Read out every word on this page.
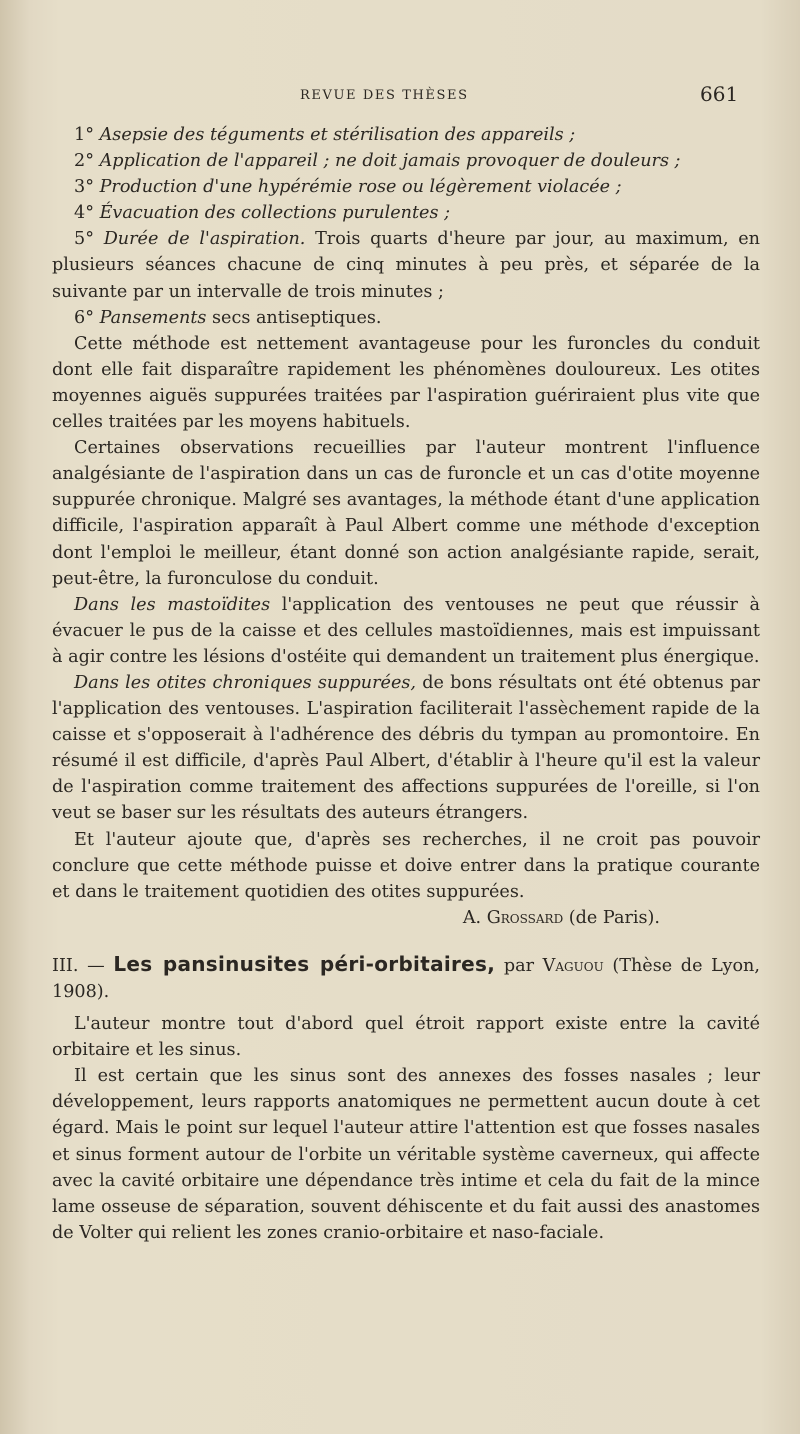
REVUE DES THÈSES	661

1° Asepsie des téguments et stérilisation des appareils ;

2° Application de l'appareil ; ne doit jamais provoquer de douleurs ;

3° Production d'une hypérémie rose ou légèrement violacée ;

4° Évacuation des collections purulentes ;

5° Durée de l'aspiration. Trois quarts d'heure par jour, au maximum, en plusieurs séances chacune de cinq minutes à peu près, et séparée de la suivante par un intervalle de trois minutes ;

6° Pansements secs antiseptiques.

Cette méthode est nettement avantageuse pour les furoncles du conduit dont elle fait disparaître rapidement les phénomènes douloureux. Les otites moyennes aiguës suppurées traitées par l'aspiration guériraient plus vite que celles traitées par les moyens habituels.

Certaines observations recueillies par l'auteur montrent l'influence analgésiante de l'aspiration dans un cas de furoncle et un cas d'otite moyenne suppurée chronique. Malgré ses avantages, la méthode étant d'une application difficile, l'aspiration apparaît à Paul Albert comme une méthode d'exception dont l'emploi le meilleur, étant donné son action analgésiante rapide, serait, peut-être, la furonculose du conduit.

Dans les mastoïdites l'application des ventouses ne peut que réussir à évacuer le pus de la caisse et des cellules mastoïdiennes, mais est impuissant à agir contre les lésions d'ostéite qui demandent un traitement plus énergique.

Dans les otites chroniques suppurées, de bons résultats ont été obtenus par l'application des ventouses. L'aspiration faciliterait l'assèchement rapide de la caisse et s'opposerait à l'adhérence des débris du tympan au promontoire. En résumé il est difficile, d'après Paul Albert, d'établir à l'heure qu'il est la valeur de l'aspiration comme traitement des affections suppurées de l'oreille, si l'on veut se baser sur les résultats des auteurs étrangers.

Et l'auteur ajoute que, d'après ses recherches, il ne croit pas pouvoir conclure que cette méthode puisse et doive entrer dans la pratique courante et dans le traitement quotidien des otites suppurées.

A. Grossard (de Paris).

III. — Les pansinusites péri-orbitaires, par Vaguou (Thèse de Lyon, 1908).

L'auteur montre tout d'abord quel étroit rapport existe entre la cavité orbitaire et les sinus.

Il est certain que les sinus sont des annexes des fosses nasales ; leur développement, leurs rapports anatomiques ne permettent aucun doute à cet égard. Mais le point sur lequel l'auteur attire l'attention est que fosses nasales et sinus forment autour de l'orbite un véritable système caverneux, qui affecte avec la cavité orbitaire une dépendance très intime et cela du fait de la mince lame osseuse de séparation, souvent déhiscente et du fait aussi des anastomes de Volter qui relient les zones cranio-orbitaire et naso-faciale.
